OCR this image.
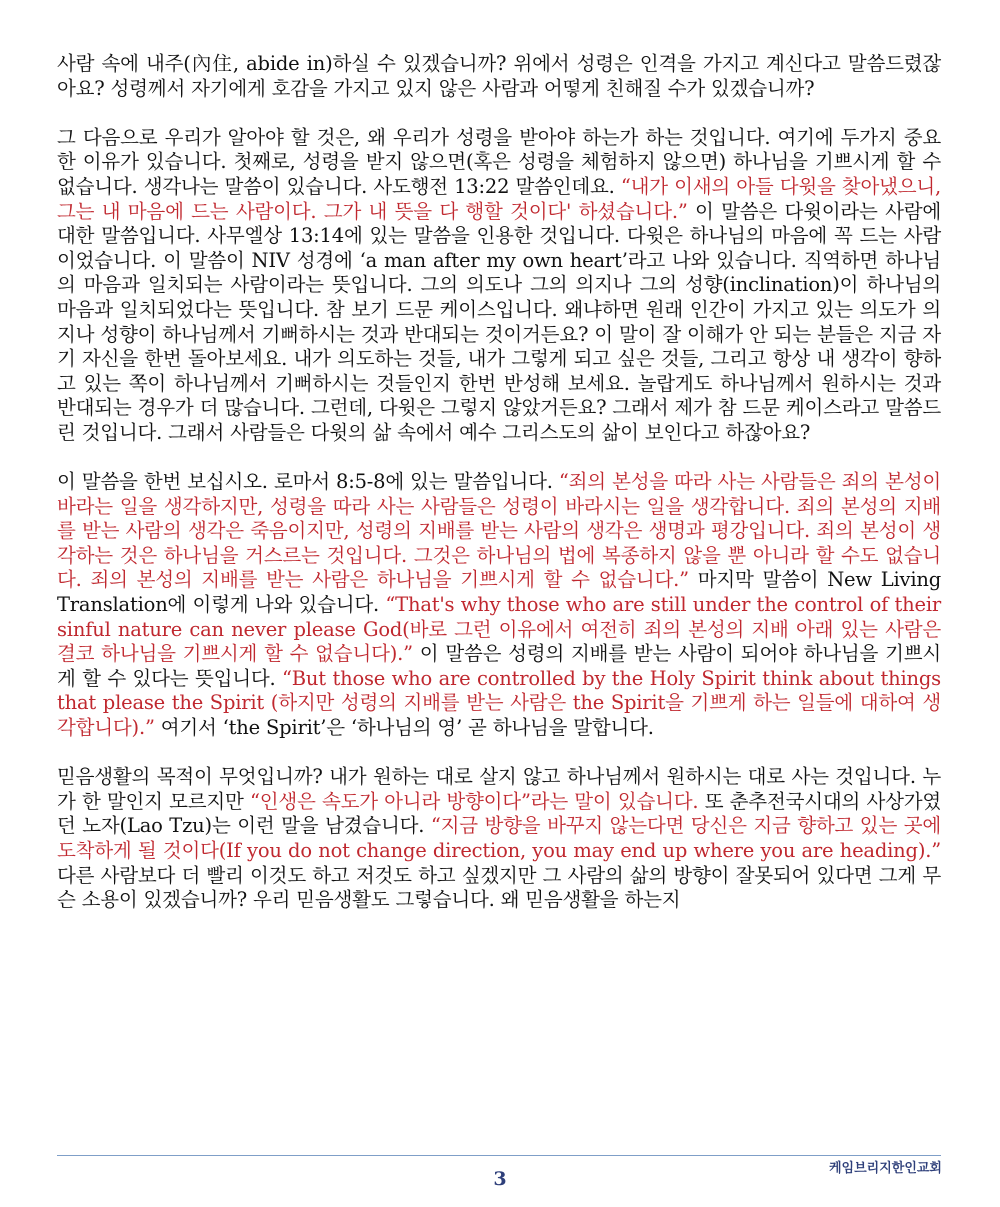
사람 속에 내주(內住, abide in)하실 수 있겠습니까? 위에서 성령은 인격을 가지고 계신다고 말씀드렸잖아요? 성령께서 자기에게 호감을 가지고 있지 않은 사람과 어떻게 친해질 수가 있겠습니까?

그 다음으로 우리가 알아야 할 것은, 왜 우리가 성령을 받아야 하는가 하는 것입니다. 여기에 두가지 중요한 이유가 있습니다. 첫째로, 성령을 받지 않으면(혹은 성령을 체험하지 않으면) 하나님을 기쁘시게 할 수 없습니다. 생각나는 말씀이 있습니다. 사도행전 13:22 말씀인데요. “내가 이새의 아들 다윗을 찾아냈으니, 그는 내 마음에 드는 사람이다. 그가 내 뜻을 다 행할 것이다' 하셨습니다.” 이 말씀은 다윗이라는 사람에 대한 말씀입니다. 사무엘상 13:14에 있는 말씀을 인용한 것입니다. 다윗은 하나님의 마음에 꼭 드는 사람이었습니다. 이 말씀이 NIV 성경에 ‘a man after my own heart’라고 나와 있습니다. 직역하면 하나님의 마음과 일치되는 사람이라는 뜻입니다. 그의 의도나 그의 의지나 그의 성향(inclination)이 하나님의 마음과 일치되었다는 뜻입니다. 참 보기 드문 케이스입니다. 왜냐하면 원래 인간이 가지고 있는 의도가 의지나 성향이 하나님께서 기뻐하시는 것과 반대되는 것이거든요? 이 말이 잘 이해가 안 되는 분들은 지금 자기 자신을 한번 돌아보세요. 내가 의도하는 것들, 내가 그렇게 되고 싶은 것들, 그리고 항상 내 생각이 향하고 있는 쪽이 하나님께서 기뻐하시는 것들인지 한번 반성해 보세요. 놀랍게도 하나님께서 원하시는 것과 반대되는 경우가 더 많습니다. 그런데, 다윗은 그렇지 않았거든요? 그래서 제가 참 드문 케이스라고 말씀드린 것입니다. 그래서 사람들은 다윗의 삶 속에서 예수 그리스도의 삶이 보인다고 하잖아요?

이 말씀을 한번 보십시오. 로마서 8:5-8에 있는 말씀입니다. “죄의 본성을 따라 사는 사람들은 죄의 본성이 바라는 일을 생각하지만, 성령을 따라 사는 사람들은 성령이 바라시는 일을 생각합니다. 죄의 본성의 지배를 받는 사람의 생각은 죽음이지만, 성령의 지배를 받는 사람의 생각은 생명과 평강입니다. 죄의 본성이 생각하는 것은 하나님을 거스르는 것입니다. 그것은 하나님의 법에 복종하지 않을 뿐 아니라 할 수도 없습니다. 죄의 본성의 지배를 받는 사람은 하나님을 기쁘시게 할 수 없습니다.” 마지막 말씀이 New Living Translation에 이렇게 나와 있습니다. “That's why those who are still under the control of their sinful nature can never please God(바로 그런 이유에서 여전히 죄의 본성의 지배 아래 있는 사람은 결코 하나님을 기쁘시게 할 수 없습니다).” 이 말씀은 성령의 지배를 받는 사람이 되어야 하나님을 기쁘시게 할 수 있다는 뜻입니다. “But those who are controlled by the Holy Spirit think about things that please the Spirit (하지만 성령의 지배를 받는 사람은 the Spirit을 기쁘게 하는 일들에 대하여 생각합니다).” 여기서 ‘the Spirit’은 ‘하나님의 영’ 곧 하나님을 말합니다.

믿음생활의 목적이 무엇입니까? 내가 원하는 대로 살지 않고 하나님께서 원하시는 대로 사는 것입니다. 누가 한 말인지 모르지만 “인생은 속도가 아니라 방향이다”라는 말이 있습니다. 또 춘추전국시대의 사상가였던 노자(Lao Tzu)는 이런 말을 남겼습니다. “지금 방향을 바꾸지 않는다면 당신은 지금 향하고 있는 곳에 도착하게 될 것이다(If you do not change direction, you may end up where you are heading).” 다른 사람보다 더 빨리 이것도 하고 저것도 하고 싶겠지만 그 사람의 삶의 방향이 잘못되어 있다면 그게 무슨 소용이 있겠습니까? 우리 믿음생활도 그렇습니다. 왜 믿음생활을 하는지

케임브리지한인교회
3
